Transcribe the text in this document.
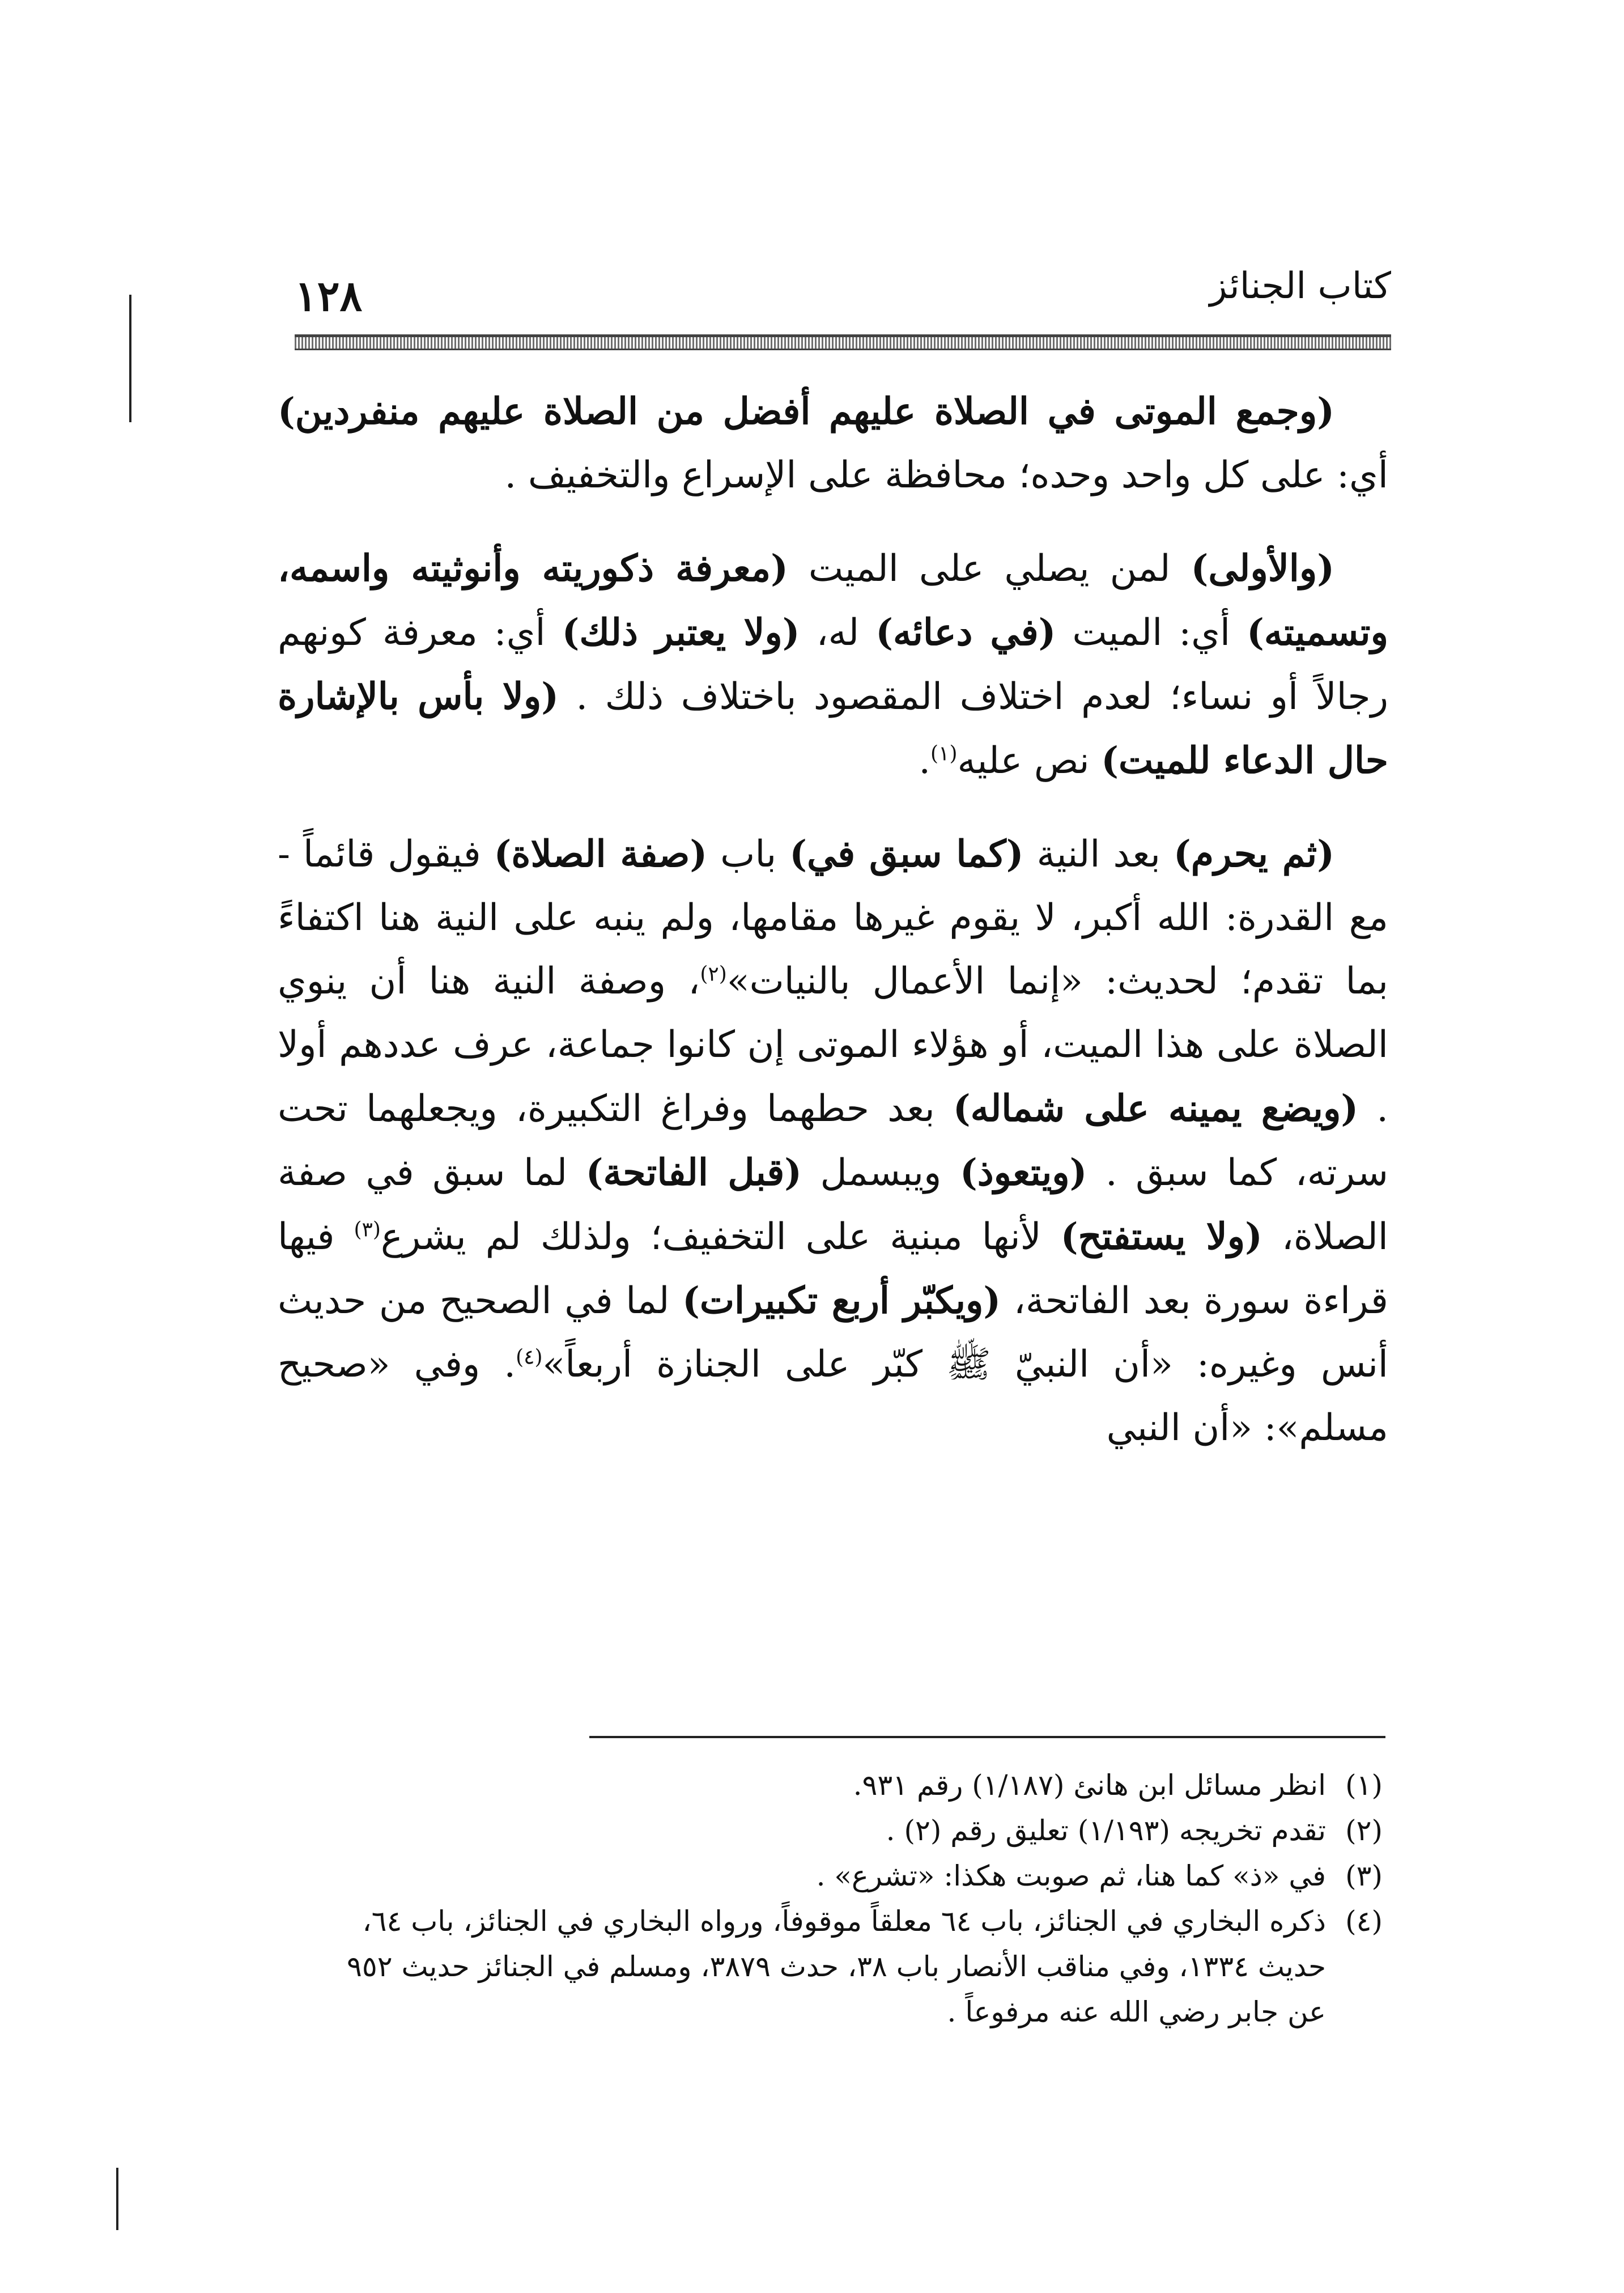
كتاب الجنائز
١٢٨

(وجمع الموتى في الصلاة عليهم أفضل من الصلاة عليهم منفردين) أي: على كل واحد وحده؛ محافظة على الإسراع والتخفيف .

(والأولى) لمن يصلي على الميت (معرفة ذكوريته وأنوثيته واسمه، وتسميته) أي: الميت (في دعائه) له، (ولا يعتبر ذلك) أي: معرفة كونهم رجالاً أو نساء؛ لعدم اختلاف المقصود باختلاف ذلك . (ولا بأس بالإشارة حال الدعاء للميت) نص عليه$^{(١)}$.

(ثم يحرم) بعد النية (كما سبق في) باب (صفة الصلاة) فيقول قائماً - مع القدرة: الله أكبر، لا يقوم غيرها مقامها، ولم ينبه على النية هنا اكتفاءً بما تقدم؛ لحديث: «إنما الأعمال بالنيات»$^{(٢)}$، وصفة النية هنا أن ينوي الصلاة على هذا الميت، أو هؤلاء الموتى إن كانوا جماعة، عرف عددهم أولا . (ويضع يمينه على شماله) بعد حطهما وفراغ التكبيرة، ويجعلهما تحت سرته، كما سبق . (ويتعوذ) ويبسمل (قبل الفاتحة) لما سبق في صفة الصلاة، (ولا يستفتح) لأنها مبنية على التخفيف؛ ولذلك لم يشرع$^{(٣)}$ فيها قراءة سورة بعد الفاتحة، (ويكبّر أربع تكبيرات) لما في الصحيح من حديث أنس وغيره: «أن النبيّ ﷺ كبّر على الجنازة أربعاً»$^{(٤)}$. وفي «صحيح مسلم»: «أن النبي

(١)
انظر مسائل ابن هانئ (١/١٨٧) رقم ٩٣١.

(٢)
تقدم تخريجه (١/١٩٣) تعليق رقم (٢) .

(٣)
في «ذ» كما هنا، ثم صوبت هكذا: «تشرع» .

(٤)
ذكره البخاري في الجنائز، باب ٦٤ معلقاً موقوفاً، ورواه البخاري في الجنائز، باب ٦٤، حديث ١٣٣٤، وفي مناقب الأنصار باب ٣٨، حدث ٣٨٧٩، ومسلم في الجنائز حديث ٩٥٢ عن جابر رضي الله عنه مرفوعاً .
